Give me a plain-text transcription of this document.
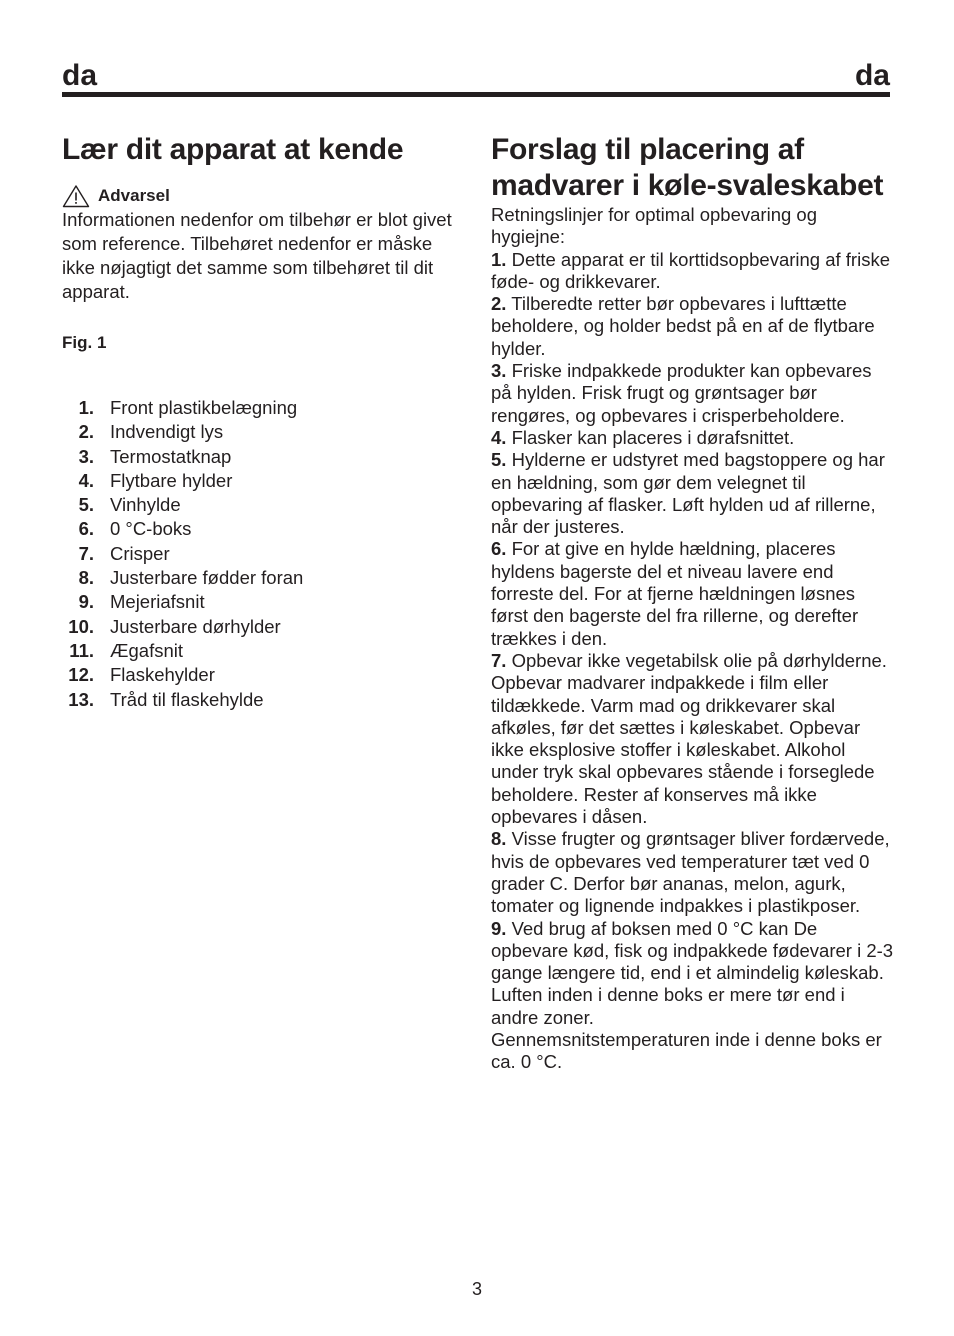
da	da
Lær dit apparat at kende
Advarsel

Informationen nedenfor om tilbehør er blot givet som reference. Tilbehøret nedenfor er måske ikke nøjagtigt det samme som tilbehøret til dit apparat.

Fig. 1
1. Front plastikbelægning
2. Indvendigt lys
3. Termostatknap
4. Flytbare hylder
5. Vinhylde
6. 0 °C-boks
7. Crisper
8. Justerbare fødder foran
9. Mejeriafsnit
10. Justerbare dørhylder
11. Ægafsnit
12. Flaskehylder
13. Tråd til flaskehylde
Forslag til placering af madvarer i køle-svaleskabet

Retningslinjer for optimal opbevaring og hygiejne:

1. Dette apparat er til korttidsopbevaring af friske føde- og drikkevarer.

2. Tilberedte retter bør opbevares i lufttætte beholdere, og holder bedst på en af de flytbare hylder.

3. Friske indpakkede produkter kan opbevares på hylden. Frisk frugt og grøntsager bør rengøres, og opbevares i crisperbeholdere.

4. Flasker kan placeres i dørafsnittet.

5. Hylderne er udstyret med bagstoppere og har en hældning, som gør dem velegnet til opbevaring af flasker. Løft hylden ud af rillerne, når der justeres.

6. For at give en hylde hældning, placeres hyldens bagerste del et niveau lavere end forreste del. For at fjerne hældningen løsnes først den bagerste del fra rillerne, og derefter trækkes i den.

7. Opbevar ikke vegetabilsk olie på dørhylderne. Opbevar madvarer indpakkede i film eller tildækkede. Varm mad og drikkevarer skal afkøles, før det sættes i køleskabet. Opbevar ikke eksplosive stoffer i køleskabet. Alkohol under tryk skal opbevares stående i forseglede beholdere. Rester af konserves må ikke opbevares i dåsen.

8. Visse frugter og grøntsager bliver fordærvede, hvis de opbevares ved temperaturer tæt ved 0 grader C. Derfor bør ananas, melon, agurk, tomater og lignende indpakkes i plastikposer.

9. Ved brug af boksen med 0 °C kan De opbevare kød, fisk og indpakkede fødevarer i 2-3 gange længere tid, end i et almindelig køleskab.

Luften inden i denne boks er mere tør end i andre zoner.

Gennemsnitstemperaturen inde i denne boks er ca. 0 °C.

3
